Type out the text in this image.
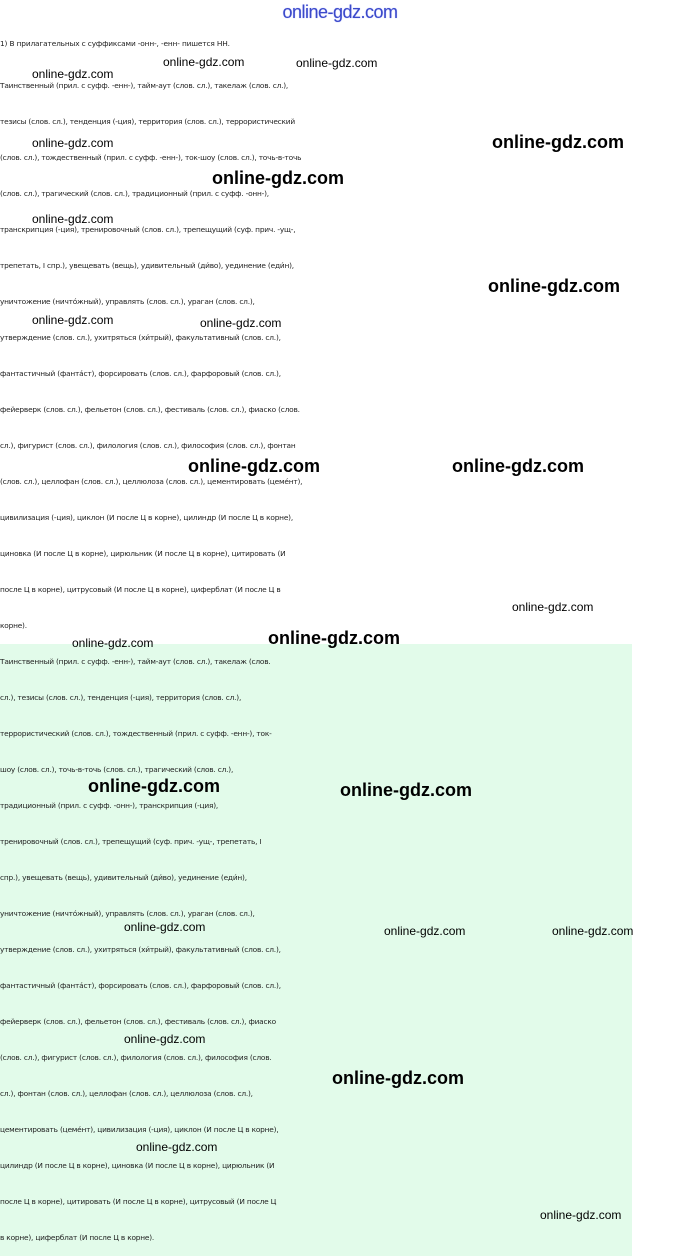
online-gdz.com
1) В прилагательных с суффиксами -онн-, -енн- пишется НН.
Таинственный (прил. с суфф. -енн-), тайм-аут (слов. сл.), такелаж (слов. сл.),
тезисы (слов. сл.), тенденция (-ция), территория (слов. сл.), террористический
(слов. сл.), тождественный (прил. с суфф. -енн-), ток-шоу (слов. сл.), точь-в-точь
(слов. сл.), трагический (слов. сл.), традиционный (прил. с суфф. -онн-),
транскрипция (-ция), тренировочный (слов. сл.), трепещущий (суф. прич. -ущ-,
трепетать, I спр.), увещевать (вещь), удивительный (ди́во), уединение (еди́н),
уничтожение (ничто́жный), управлять (слов. сл.), ураган (слов. сл.),
утверждение (слов. сл.), ухитряться (хи́трый), факультативный (слов. сл.),
фантастичный (фанта́ст), форсировать (слов. сл.), фарфоровый (слов. сл.),
фейерверк (слов. сл.), фельетон (слов. сл.), фестиваль (слов. сл.), фиаско (слов.
сл.), фигурист (слов. сл.), филология (слов. сл.), философия (слов. сл.), фонтан
(слов. сл.), целлофан (слов. сл.), целлюлоза (слов. сл.), цементировать (цеме́нт),
цивилизация (-ция), циклон (И после Ц в корне), цилиндр (И после Ц в корне),
циновка (И после Ц в корне), цирюльник (И после Ц в корне), цитировать (И
после Ц в корне), цитрусовый (И после Ц в корне), циферблат (И после Ц в
корне).
Таинственный (прил. с суфф. -енн-), тайм-аут (слов. сл.), такелаж (слов.
сл.), тезисы (слов. сл.), тенденция (-ция), территория (слов. сл.),
террористический (слов. сл.), тождественный (прил. с суфф. -енн-), ток-
шоу (слов. сл.), точь-в-точь (слов. сл.), трагический (слов. сл.),
традиционный (прил. с суфф. -онн-), транскрипция (-ция),
тренировочный (слов. сл.), трепещущий (суф. прич. -ущ-, трепетать, I
спр.), увещевать (вещь), удивительный (ди́во), уединение (еди́н),
уничтожение (ничто́жный), управлять (слов. сл.), ураган (слов. сл.),
утверждение (слов. сл.), ухитряться (хи́трый), факультативный (слов. сл.),
фантастичный (фанта́ст), форсировать (слов. сл.), фарфоровый (слов. сл.),
фейерверк (слов. сл.), фельетон (слов. сл.), фестиваль (слов. сл.), фиаско
(слов. сл.), фигурист (слов. сл.), филология (слов. сл.), философия (слов.
сл.), фонтан (слов. сл.), целлофан (слов. сл.), целлюлоза (слов. сл.),
цементировать (цеме́нт), цивилизация (-ция), циклон (И после Ц в корне),
цилиндр (И после Ц в корне), циновка (И после Ц в корне), цирюльник (И
после Ц в корне), цитировать (И после Ц в корне), цитрусовый (И после Ц
в корне), циферблат (И после Ц в корне).
online-gdz.com
online-gdz.com	online-gdz.com
online-gdz.com	online-gdz.com
online-gdz.com
online-gdz.com
online-gdz.com
online-gdz.com	online-gdz.com
online-gdz.com	online-gdz.com
online-gdz.com
online-gdz.com	online-gdz.com
online-gdz.com	online-gdz.com
online-gdz.com	online-gdz.com	online-gdz.com
online-gdz.com
online-gdz.com
online-gdz.com
online-gdz.com
